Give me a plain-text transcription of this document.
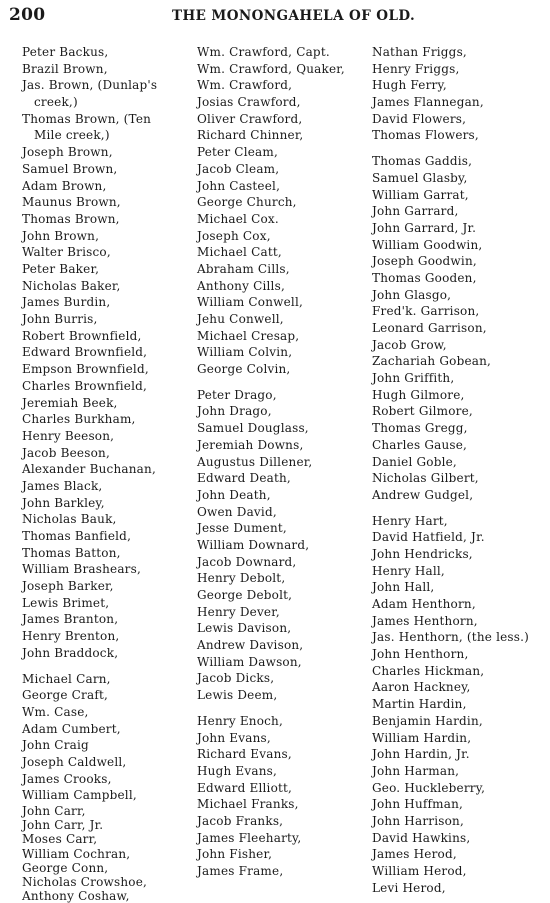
200	THE MONONGAHELA OF OLD.
Peter Backus,
Brazil Brown,
Jas. Brown, (Dunlap's
creek,)
Thomas Brown, (Ten
Mile creek,)
Joseph Brown,
Samuel Brown,
Adam Brown,
Maunus Brown,
Thomas Brown,
John Brown,
Walter Brisco,
Peter Baker,
Nicholas Baker,
James Burdin,
John Burris,
Robert Brownfield,
Edward Brownfield,
Empson Brownfield,
Charles Brownfield,
Jeremiah Beek,
Charles Burkham,
Henry Beeson,
Jacob Beeson,
Alexander Buchanan,
James Black,
John Barkley,
Nicholas Bauk,
Thomas Banfield,
Thomas Batton,
William Brashears,
Joseph Barker,
Lewis Brimet,
James Branton,
Henry Brenton,
John Braddock,
Michael Carn,
George Craft,
Wm. Case,
Adam Cumbert,
John Craig
Joseph Caldwell,
James Crooks,
William Campbell,
John Carr,
John Carr, Jr.
Moses Carr,
William Cochran,
George Conn,
Nicholas Crowshoe,
Anthony Coshaw,
Wm. Crawford, Capt.
Wm. Crawford, Quaker,
Wm. Crawford,
Josias Crawford,
Oliver Crawford,
Richard Chinner,
Peter Cleam,
Jacob Cleam,
John Casteel,
George Church,
Michael Cox.
Joseph Cox,
Michael Catt,
Abraham Cills,
Anthony Cills,
William Conwell,
Jehu Conwell,
Michael Cresap,
William Colvin,
George Colvin,
Peter Drago,
John Drago,
Samuel Douglass,
Jeremiah Downs,
Augustus Dillener,
Edward Death,
John Death,
Owen David,
Jesse Dument,
William Downard,
Jacob Downard,
Henry Debolt,
George Debolt,
Henry Dever,
Lewis Davison,
Andrew Davison,
William Dawson,
Jacob Dicks,
Lewis Deem,
Henry Enoch,
John Evans,
Richard Evans,
Hugh Evans,
Edward Elliott,
Michael Franks,
Jacob Franks,
James Fleeharty,
John Fisher,
James Frame,
Nathan Friggs,
Henry Friggs,
Hugh Ferry,
James Flannegan,
David Flowers,
Thomas Flowers,
Thomas Gaddis,
Samuel Glasby,
William Garrat,
John Garrard,
John Garrard, Jr.
William Goodwin,
Joseph Goodwin,
Thomas Gooden,
John Glasgo,
Fred'k. Garrison,
Leonard Garrison,
Jacob Grow,
Zachariah Gobean,
John Griffith,
Hugh Gilmore,
Robert Gilmore,
Thomas Gregg,
Charles Gause,
Daniel Goble,
Nicholas Gilbert,
Andrew Gudgel,
Henry Hart,
David Hatfield, Jr.
John Hendricks,
Henry Hall,
John Hall,
Adam Henthorn,
James Henthorn,
Jas. Henthorn, (the less.)
John Henthorn,
Charles Hickman,
Aaron Hackney,
Martin Hardin,
Benjamin Hardin,
William Hardin,
John Hardin, Jr.
John Harman,
Geo. Huckleberry,
John Huffman,
John Harrison,
David Hawkins,
James Herod,
William Herod,
Levi Herod,
